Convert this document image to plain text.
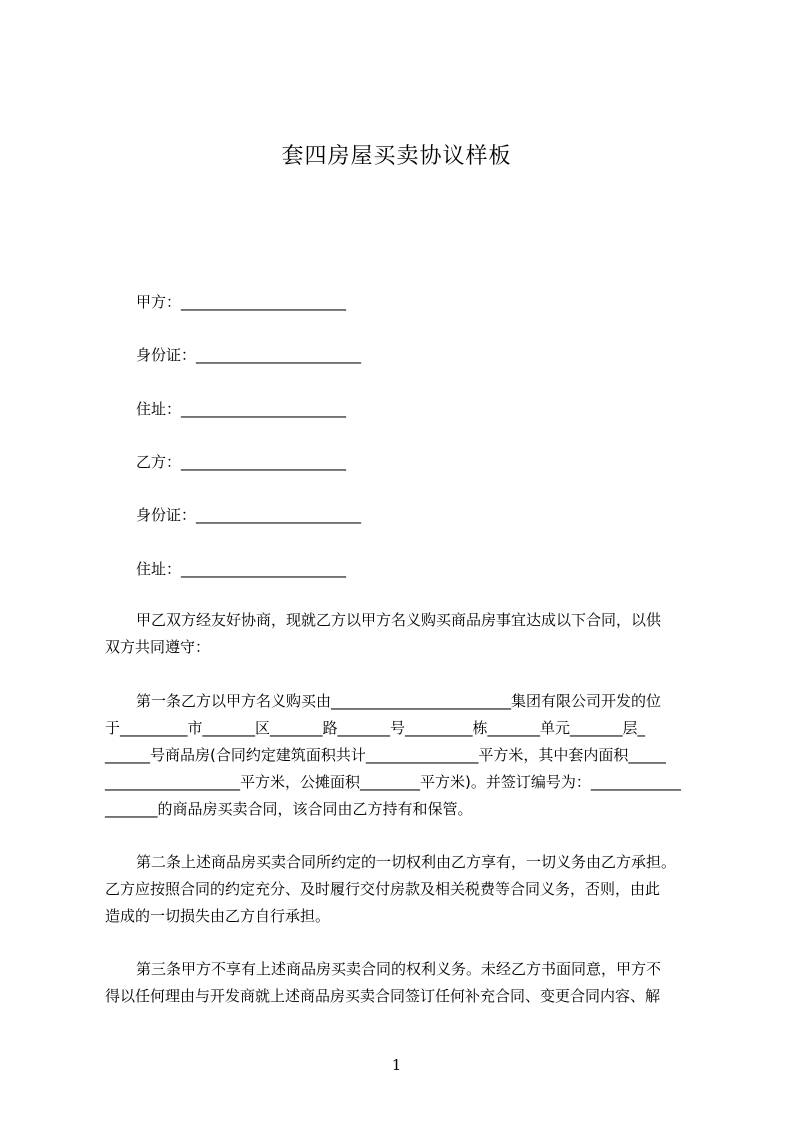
套四房屋买卖协议样板
甲方：______________________
身份证：______________________
住址：______________________
乙方：______________________
身份证：______________________
住址：______________________
甲乙双方经友好协商，现就乙方以甲方名义购买商品房事宜达成以下合同，以供
双方共同遵守：
第一条乙方以甲方名义购买由________________________集团有限公司开发的位
于_________市_______区_______路_______号_________栋_______单元_______层_
______号商品房(合同约定建筑面积共计_______________平方米，其中套内面积_____
__________________平方米，公摊面积________平方米)。并签订编号为：____________
_______的商品房买卖合同，该合同由乙方持有和保管。
第二条上述商品房买卖合同所约定的一切权利由乙方享有，一切义务由乙方承担。
乙方应按照合同的约定充分、及时履行交付房款及相关税费等合同义务，否则，由此
造成的一切损失由乙方自行承担。
第三条甲方不享有上述商品房买卖合同的权利义务。未经乙方书面同意，甲方不
得以任何理由与开发商就上述商品房买卖合同签订任何补充合同、变更合同内容、解
1
